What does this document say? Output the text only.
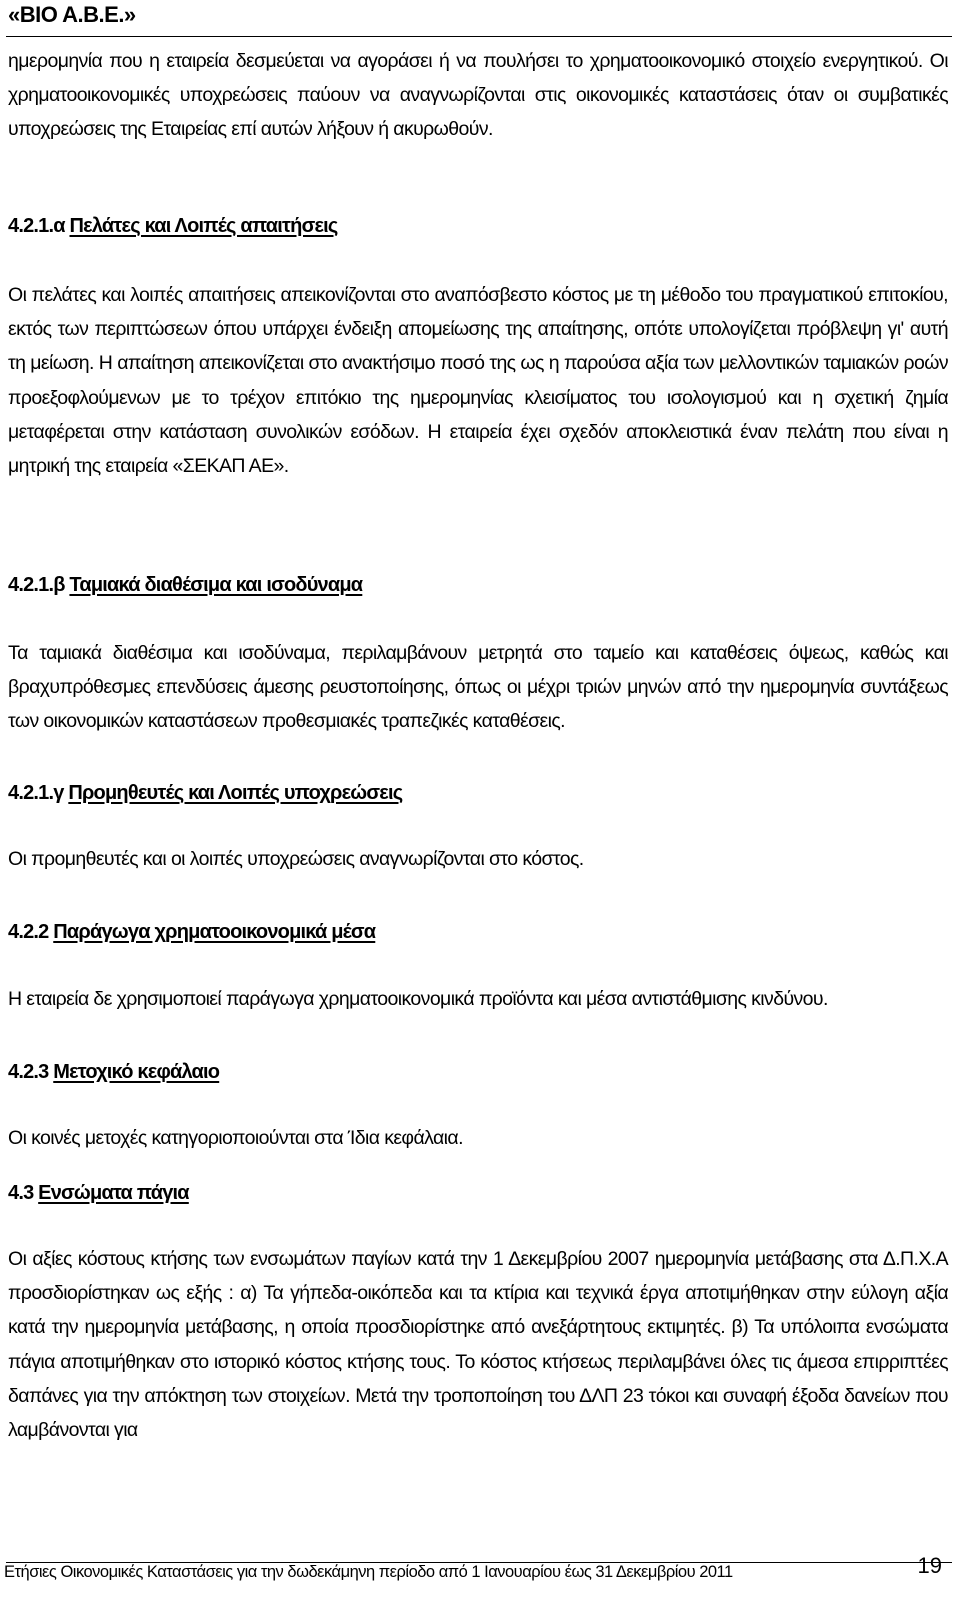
«ΒΙΟ Α.Β.Ε.»

ημερομηνία που η εταιρεία δεσμεύεται να αγοράσει ή να πουλήσει το χρηματοοικονομικό στοιχείο ενεργητικού. Οι χρηματοοικονομικές υποχρεώσεις παύουν να αναγνωρίζονται στις οικονομικές καταστάσεις όταν οι συμβατικές υποχρεώσεις της Εταιρείας επί αυτών λήξουν ή ακυρωθούν.

4.2.1.α Πελάτες και Λοιπές απαιτήσεις

Οι πελάτες και λοιπές απαιτήσεις απεικονίζονται στο αναπόσβεστο κόστος με τη μέθοδο του πραγματικού επιτοκίου, εκτός των περιπτώσεων όπου υπάρχει ένδειξη απομείωσης της απαίτησης, οπότε υπολογίζεται πρόβλεψη γι' αυτή τη μείωση. Η απαίτηση απεικονίζεται στο ανακτήσιμο ποσό της ως η παρούσα αξία των μελλοντικών ταμιακών ροών προεξοφλούμενων με το τρέχον επιτόκιο της ημερομηνίας κλεισίματος του ισολογισμού και η σχετική ζημία μεταφέρεται στην κατάσταση συνολικών εσόδων. Η εταιρεία έχει σχεδόν αποκλειστικά έναν πελάτη που είναι η μητρική της εταιρεία «ΣΕΚΑΠ ΑΕ».

4.2.1.β Ταμιακά διαθέσιμα και ισοδύναμα

Τα ταμιακά διαθέσιμα και ισοδύναμα, περιλαμβάνουν μετρητά στο ταμείο και καταθέσεις όψεως, καθώς και βραχυπρόθεσμες επενδύσεις άμεσης ρευστοποίησης, όπως οι μέχρι τριών μηνών από την ημερομηνία συντάξεως των οικονομικών καταστάσεων προθεσμιακές τραπεζικές καταθέσεις.

4.2.1.γ Προμηθευτές και Λοιπές υποχρεώσεις

Οι προμηθευτές και οι λοιπές υποχρεώσεις αναγνωρίζονται στο κόστος.

4.2.2 Παράγωγα χρηματοοικονομικά μέσα

Η εταιρεία δε χρησιμοποιεί παράγωγα χρηματοοικονομικά προϊόντα και μέσα αντιστάθμισης κινδύνου.

4.2.3 Μετοχικό κεφάλαιο

Οι κοινές μετοχές κατηγοριοποιούνται στα Ίδια κεφάλαια.

4.3 Ενσώματα πάγια

Οι αξίες κόστους κτήσης των ενσωμάτων παγίων κατά την 1 Δεκεμβρίου 2007 ημερομηνία μετάβασης στα Δ.Π.Χ.Α προσδιορίστηκαν ως εξής : α) Τα γήπεδα-οικόπεδα και τα κτίρια και τεχνικά έργα αποτιμήθηκαν στην εύλογη αξία κατά την ημερομηνία μετάβασης, η οποία προσδιορίστηκε από ανεξάρτητους εκτιμητές. β) Τα υπόλοιπα ενσώματα πάγια αποτιμήθηκαν στο ιστορικό κόστος κτήσης τους. Το κόστος κτήσεως περιλαμβάνει όλες τις άμεσα επιρριπτέες δαπάνες για την απόκτηση των στοιχείων. Μετά την τροποποίηση του ΔΛΠ 23 τόκοι και συναφή έξοδα δανείων που λαμβάνονται για

Ετήσιες Οικονομικές Καταστάσεις για την δωδεκάμηνη περίοδο από 1 Ιανουαρίου έως 31 Δεκεμβρίου 2011	19
